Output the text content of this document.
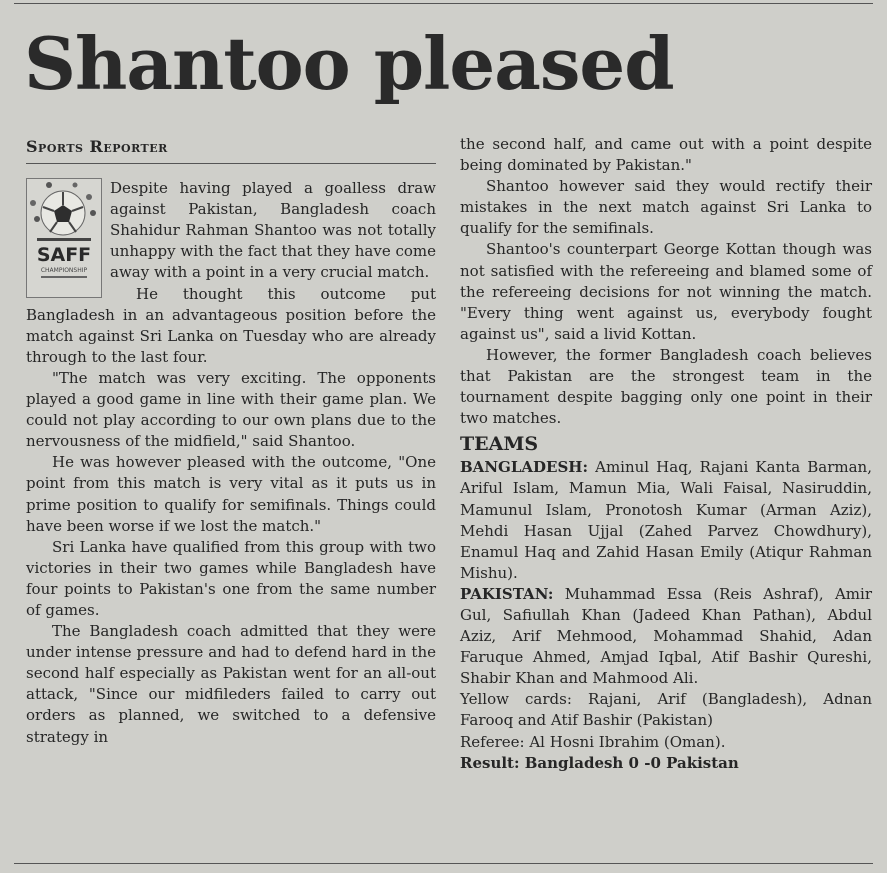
Shantoo pleased
Sports Reporter
SAFF
CHAMPIONSHIP

Despite having played a goalless draw against Pakistan, Bangladesh coach Shahidur Rahman Shantoo was not totally unhappy with the fact that they have come away with a point in a very crucial match.

He thought this outcome put Bangladesh in an advantageous position before the match against Sri Lanka on Tuesday who are already through to the last four.

"The match was very exciting. The opponents played a good game in line with their game plan. We could not play according to our own plans due to the nervousness of the midfield," said Shantoo.

He was however pleased with the outcome, "One point from this match is very vital as it puts us in prime position to qualify for semifinals. Things could have been worse if we lost the match."

Sri Lanka have qualified from this group with two victories in their two games while Bangladesh have four points to Pakistan's one from the same number of games.

The Bangladesh coach admitted that they were under intense pressure and had to defend hard in the second half especially as Pakistan went for an all-out attack, "Since our midfileders failed to carry out orders as planned, we switched to a defensive strategy in

the second half, and came out with a point despite being dominated by Pakistan."

Shantoo however said they would rectify their mistakes in the next match against Sri Lanka to qualify for the semifinals.

Shantoo's counterpart George Kottan though was not satisfied with the refereeing and blamed some of the refereeing decisions for not winning the match. "Every thing went against us, everybody fought against us", said a livid Kottan.

However, the former Bangladesh coach believes that Pakistan are the strongest team in the tournament despite bagging only one point in their two matches.

TEAMS
BANGLADESH: Aminul Haq, Rajani Kanta Barman, Ariful Islam, Mamun Mia, Wali Faisal, Nasiruddin, Mamunul Islam, Pronotosh Kumar (Arman Aziz), Mehdi Hasan Ujjal (Zahed Parvez Chowdhury), Enamul Haq and Zahid Hasan Emily (Atiqur Rahman Mishu).
PAKISTAN: Muhammad Essa (Reis Ashraf), Amir Gul, Safiullah Khan (Jadeed Khan Pathan), Abdul Aziz, Arif Mehmood, Mohammad Shahid, Adan Faruque Ahmed, Amjad Iqbal, Atif Bashir Qureshi, Shabir Khan and Mahmood Ali.
Yellow cards: Rajani, Arif (Bangladesh), Adnan Farooq and Atif Bashir (Pakistan)
Referee: Al Hosni Ibrahim (Oman).
Result: Bangladesh 0 -0 Pakistan
